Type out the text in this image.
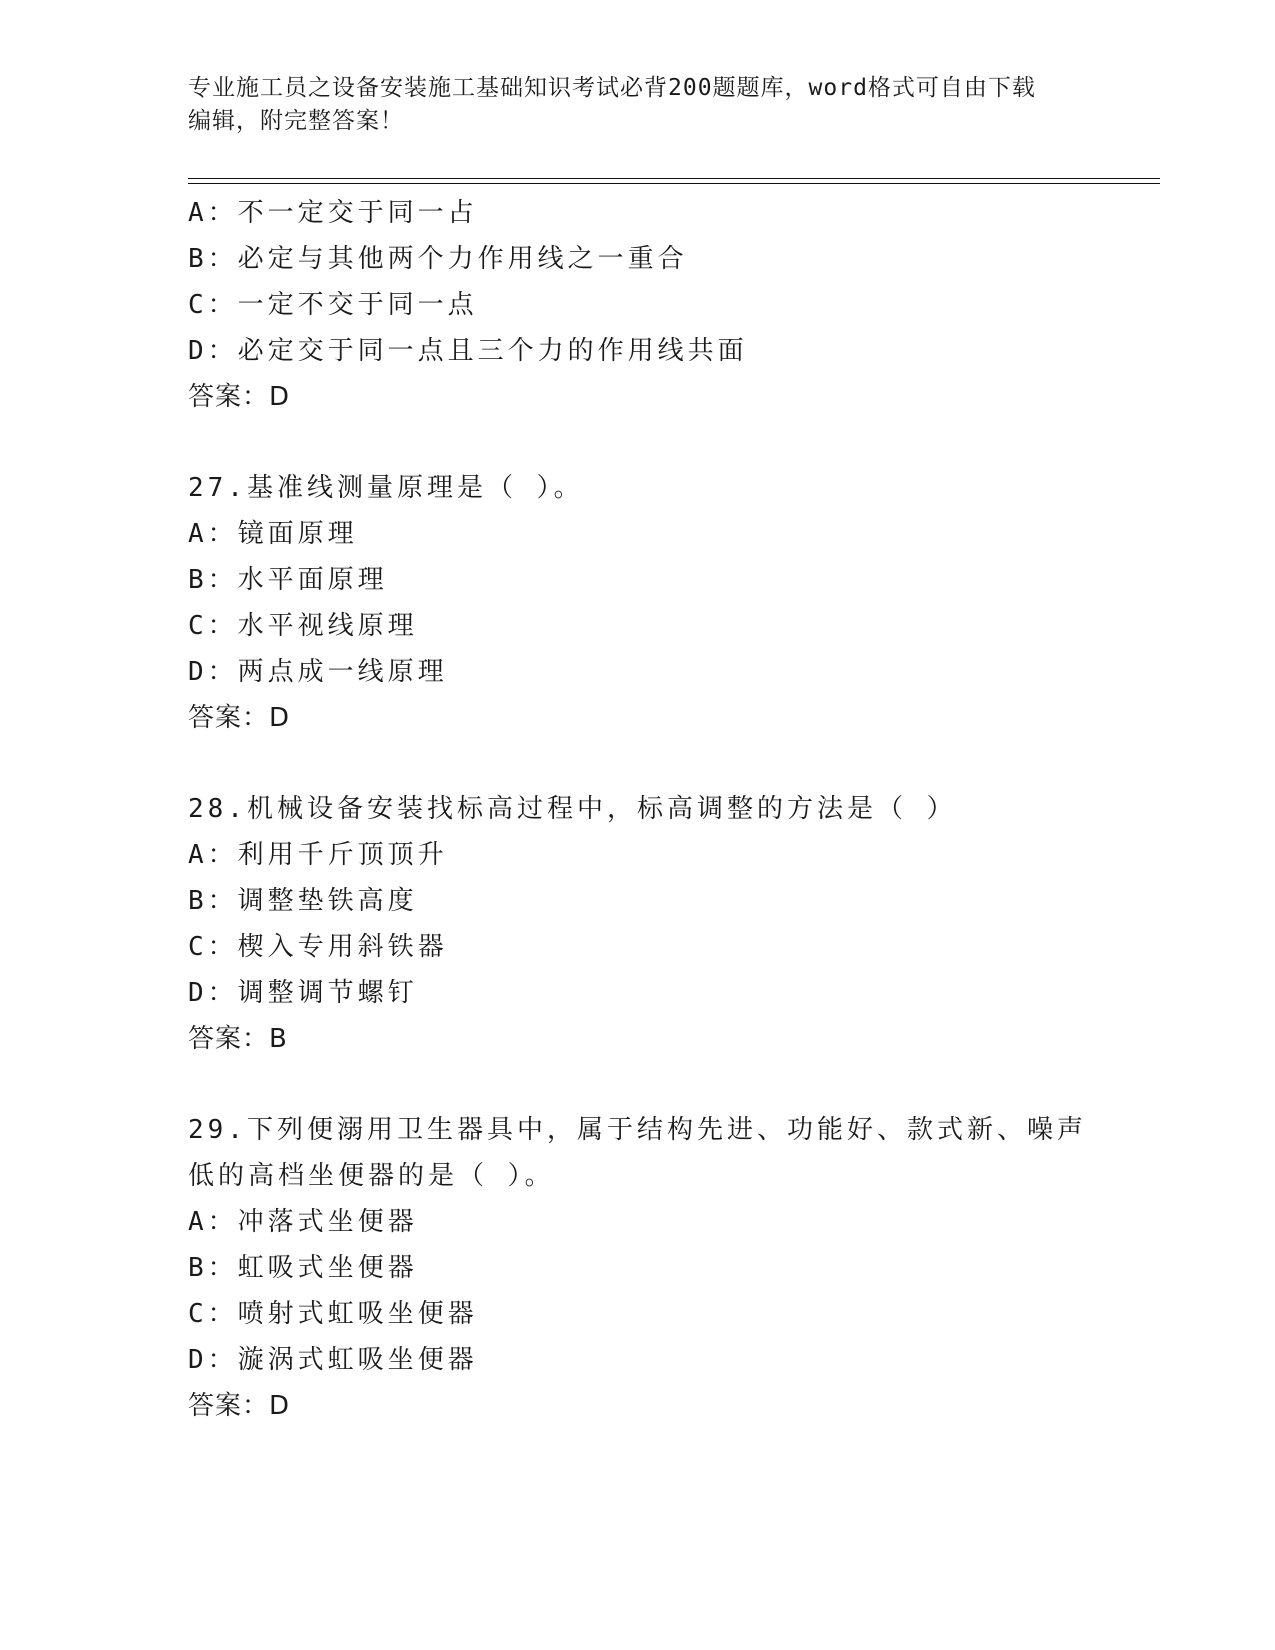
专业施工员之设备安装施工基础知识考试必背200题题库，word格式可自由下载
编辑，附完整答案！
A：不一定交于同一占
B：必定与其他两个力作用线之一重合
C：一定不交于同一点
D：必定交于同一点且三个力的作用线共面
答案：D
27.基准线测量原理是（ ）。
A：镜面原理
B：水平面原理
C：水平视线原理
D：两点成一线原理
答案：D
28.机械设备安装找标高过程中，标高调整的方法是（ ）
A：利用千斤顶顶升
B：调整垫铁高度
C：楔入专用斜铁器
D：调整调节螺钉
答案：B
29.下列便溺用卫生器具中，属于结构先进、功能好、款式新、噪声低的高档坐便器的是（ ）。
A：冲落式坐便器
B：虹吸式坐便器
C：喷射式虹吸坐便器
D：漩涡式虹吸坐便器
答案：D
